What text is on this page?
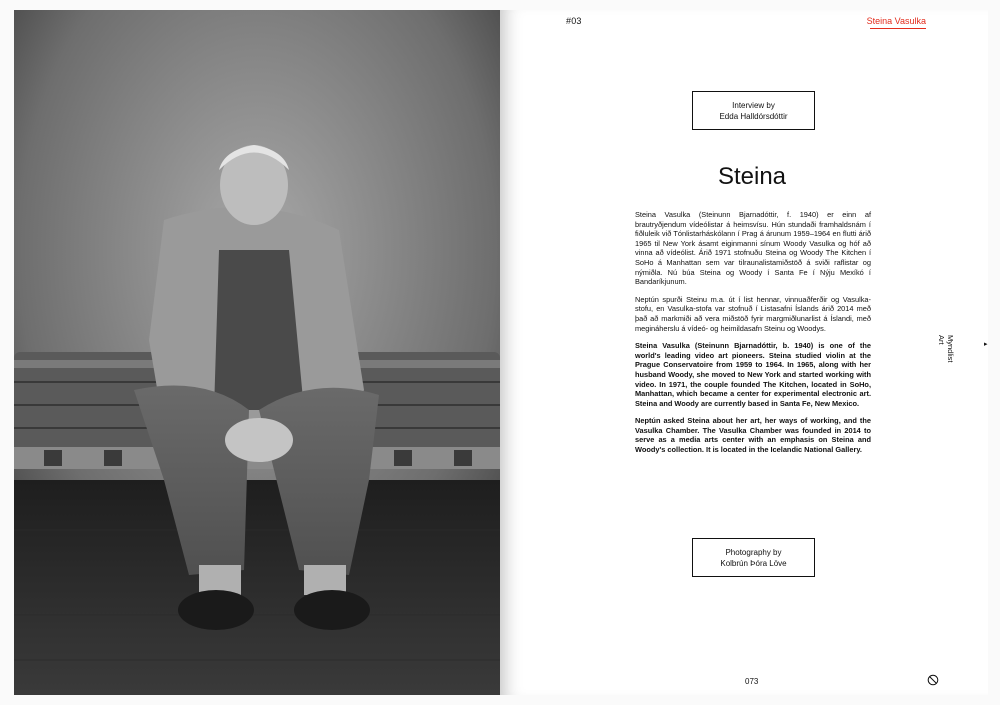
#03	Steina Vasulka
Interview by
Edda Halldórsdóttir
Steina

Steina Vasulka (Steinunn Bjarnadóttir, f. 1940) er einn af brautryðjendum vídeólistar á heimsvísu. Hún stundaði framhaldsnám í fiðluleik við Tónlistarháskólann í Prag á árunum 1959–1964 en flutti árið 1965 til New York ásamt eiginmanni sínum Woody Vasulka og hóf að vinna að vídeólist. Árið 1971 stofnuðu Steina og Woody The Kitchen í SoHo á Manhattan sem var tilraunalistamiðstöð á sviði raflistar og nýmiðla. Nú búa Steina og Woody í Santa Fe í Nýju Mexíkó í Bandaríkjunum.

Neptún spurði Steinu m.a. út í list hennar, vinnuaðferðir og Vasulka-stofu, en Vasulka-stofa var stofnuð í Listasafni Íslands árið 2014 með það að markmiði að vera miðstöð fyrir margmiðlunarlist á Íslandi, með megináherslu á vídeó- og heimildasafn Steinu og Woodys.

Steina Vasulka (Steinunn Bjarnadóttir, b. 1940) is one of the world's leading video art pioneers. Steina studied violin at the Prague Conservatoire from 1959 to 1964. In 1965, along with her husband Woody, she moved to New York and started working with video. In 1971, the couple founded The Kitchen, located in SoHo, Manhattan, which became a center for experimental electronic art. Steina and Woody are currently based in Santa Fe, New Mexico.

Neptún asked Steina about her art, her ways of working, and the Vasulka Chamber. The Vasulka Chamber was founded in 2014 to serve as a media arts center with an emphasis on Steina and Woody's collection. It is located in the Icelandic National Gallery.

Photography by
Kolbrún Þóra Löve
Myndlist
Art	▸
073
